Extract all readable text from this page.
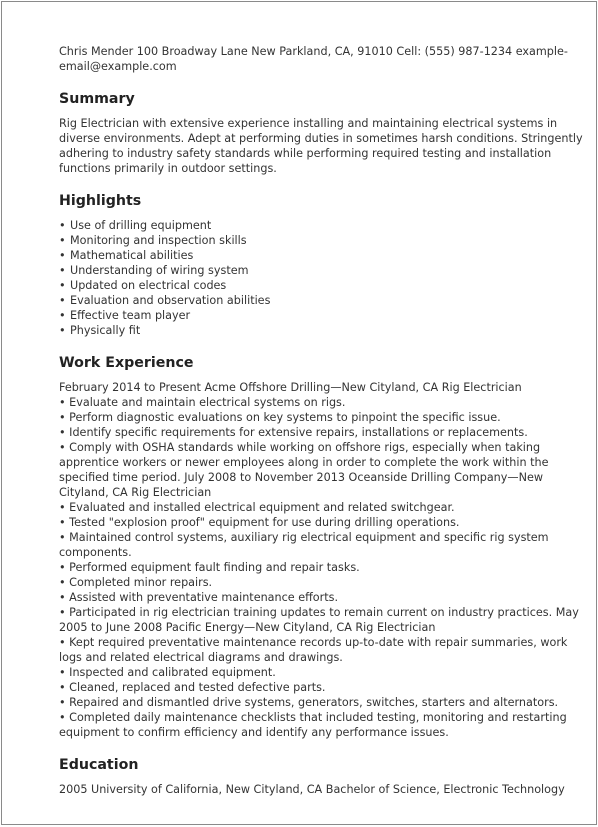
Chris Mender 100 Broadway Lane New Parkland, CA, 91010 Cell: (555) 987-1234 example-email@example.com

Summary

Rig Electrician with extensive experience installing and maintaining electrical systems in diverse environments. Adept at performing duties in sometimes harsh conditions. Stringently adhering to industry safety standards while performing required testing and installation functions primarily in outdoor settings.

Highlights
• Use of drilling equipment
• Monitoring and inspection skills
• Mathematical abilities
• Understanding of wiring system
• Updated on electrical codes
• Evaluation and observation abilities
• Effective team player
• Physically fit
Work Experience

February 2014 to Present Acme Offshore Drilling—New Cityland, CA Rig Electrician

• Evaluate and maintain electrical systems on rigs.

• Perform diagnostic evaluations on key systems to pinpoint the specific issue.

• Identify specific requirements for extensive repairs, installations or replacements.

• Comply with OSHA standards while working on offshore rigs, especially when taking apprentice workers or newer employees along in order to complete the work within the specified time period. July 2008 to November 2013 Oceanside Drilling Company—New Cityland, CA Rig Electrician

• Evaluated and installed electrical equipment and related switchgear.

• Tested "explosion proof" equipment for use during drilling operations.

• Maintained control systems, auxiliary rig electrical equipment and specific rig system components.

• Performed equipment fault finding and repair tasks.

• Completed minor repairs.

• Assisted with preventative maintenance efforts.

• Participated in rig electrician training updates to remain current on industry practices. May 2005 to June 2008 Pacific Energy—New Cityland, CA Rig Electrician

• Kept required preventative maintenance records up-to-date with repair summaries, work logs and related electrical diagrams and drawings.

• Inspected and calibrated equipment.

• Cleaned, replaced and tested defective parts.

• Repaired and dismantled drive systems, generators, switches, starters and alternators.

• Completed daily maintenance checklists that included testing, monitoring and restarting equipment to confirm efficiency and identify any performance issues.

Education

2005 University of California, New Cityland, CA Bachelor of Science, Electronic Technology
